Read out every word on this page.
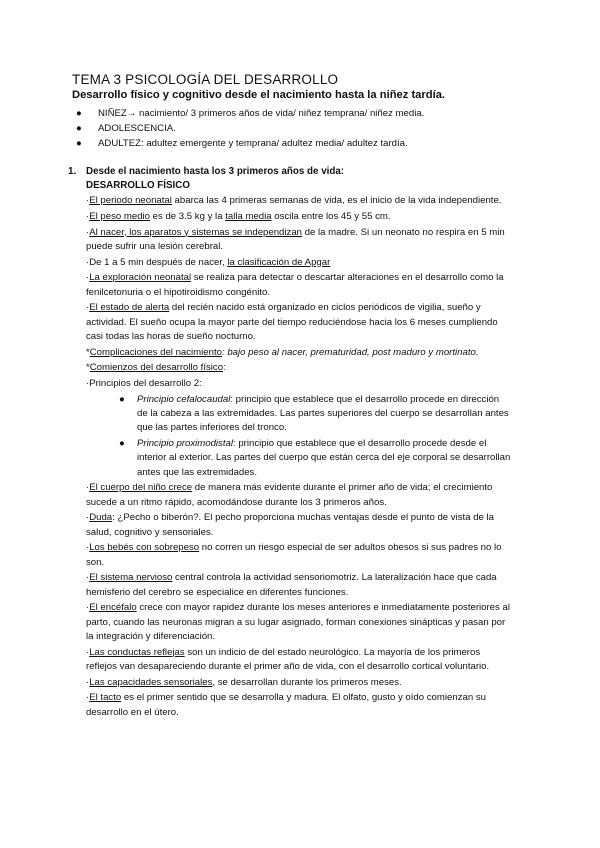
TEMA 3 PSICOLOGÍA DEL DESARROLLO
Desarrollo físico y cognitivo desde el nacimiento hasta la niñez tardía.
● NIÑEZ→ nacimiento/ 3 primeros años de vida/ niñez temprana/ niñez media.
● ADOLESCENCIA.
● ADULTEZ: adultez emergente y temprana/ adultez media/ adultez tardía.
1. Desde el nacimiento hasta los 3 primeros años de vida:
DESARROLLO FÍSICO

·El periodo neonatal abarca las 4 primeras semanas de vida, es el inicio de la vida independiente.

·El peso medio es de 3.5 kg y la talla media oscila entre los 45 y 55 cm.

·Al nacer, los aparatos y sistemas se independizan de la madre. Si un neonato no respira en 5 min puede sufrir una lesión cerebral.

·De 1 a 5 min después de nacer, la clasificación de Apgar

·La exploración neonatal se realiza para detectar o descartar alteraciones en el desarrollo como la fenilcetonuria o el hipotiroidismo congénito.

·El estado de alerta del recién nacido está organizado en ciclos periódicos de vigilia, sueño y actividad. El sueño ocupa la mayor parte del tiempo reduciéndose hacia los 6 meses cumpliendo casi todas las horas de sueño nocturno.

*Complicaciones del nacimiento: bajo peso al nacer, prematuridad, post maduro y mortinato.

*Comienzos del desarrollo físico:

·Principios del desarrollo 2:

● Principio cefalocaudal: principio que establece que el desarrollo procede en dirección de la cabeza a las extremidades. Las partes superiores del cuerpo se desarrollan antes que las partes inferiores del tronco.

● Principio proximodistal: principio que establece que el desarrollo procede desde el interior al exterior. Las partes del cuerpo que están cerca del eje corporal se desarrollan antes que las extremidades.

·El cuerpo del niño crece de manera más evidente durante el primer año de vida; el crecimiento sucede a un ritmo rápido, acomodándose durante los 3 primeros años.

·Duda: ¿Pecho o biberón?. El pecho proporciona muchas ventajas desde el punto de vista de la salud, cognitivo y sensoriales.

·Los bebés con sobrepeso no corren un riesgo especial de ser adultos obesos si sus padres no lo son.

·El sistema nervioso central controla la actividad sensoriomotriz. La lateralización hace que cada hemisferio del cerebro se especialice en diferentes funciones.

·El encéfalo crece con mayor rapidez durante los meses anteriores e inmediatamente posteriores al parto, cuando las neuronas migran a su lugar asignado, forman conexiones sinápticas y pasan por la integración y diferenciación.

·Las conductas reflejas son un indicio de del estado neurológico. La mayoría de los primeros reflejos van desapareciendo durante el primer año de vida, con el desarrollo cortical voluntario.

·Las capacidades sensoriales, se desarrollan durante los primeros meses.

·El tacto es el primer sentido que se desarrolla y madura. El olfato, gusto y oído comienzan su desarrollo en el útero.
